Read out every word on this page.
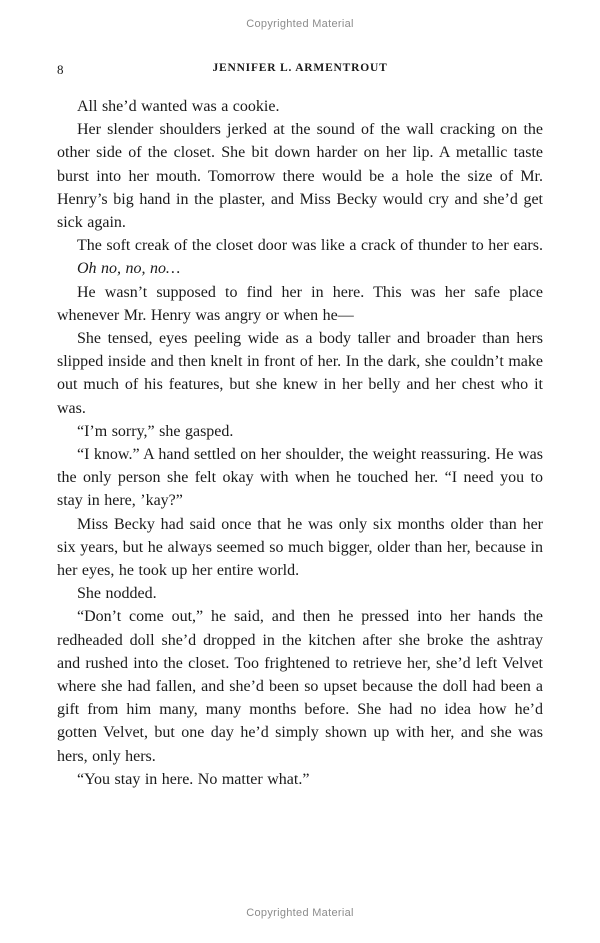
Copyrighted Material
8	JENNIFER L. ARMENTROUT

All she’d wanted was a cookie.

Her slender shoulders jerked at the sound of the wall cracking on the other side of the closet. She bit down harder on her lip. A metallic taste burst into her mouth. Tomorrow there would be a hole the size of Mr. Henry’s big hand in the plaster, and Miss Becky would cry and she’d get sick again.

The soft creak of the closet door was like a crack of thunder to her ears.

Oh no, no, no…

He wasn’t supposed to find her in here. This was her safe place whenever Mr. Henry was angry or when he—

She tensed, eyes peeling wide as a body taller and broader than hers slipped inside and then knelt in front of her. In the dark, she couldn’t make out much of his features, but she knew in her belly and her chest who it was.

“I’m sorry,” she gasped.

“I know.” A hand settled on her shoulder, the weight reassuring. He was the only person she felt okay with when he touched her. “I need you to stay in here, ’kay?”

Miss Becky had said once that he was only six months older than her six years, but he always seemed so much bigger, older than her, because in her eyes, he took up her entire world.

She nodded.

“Don’t come out,” he said, and then he pressed into her hands the redheaded doll she’d dropped in the kitchen after she broke the ashtray and rushed into the closet. Too frightened to retrieve her, she’d left Velvet where she had fallen, and she’d been so upset because the doll had been a gift from him many, many months before. She had no idea how he’d gotten Velvet, but one day he’d simply shown up with her, and she was hers, only hers.

“You stay in here. No matter what.”

Copyrighted Material
